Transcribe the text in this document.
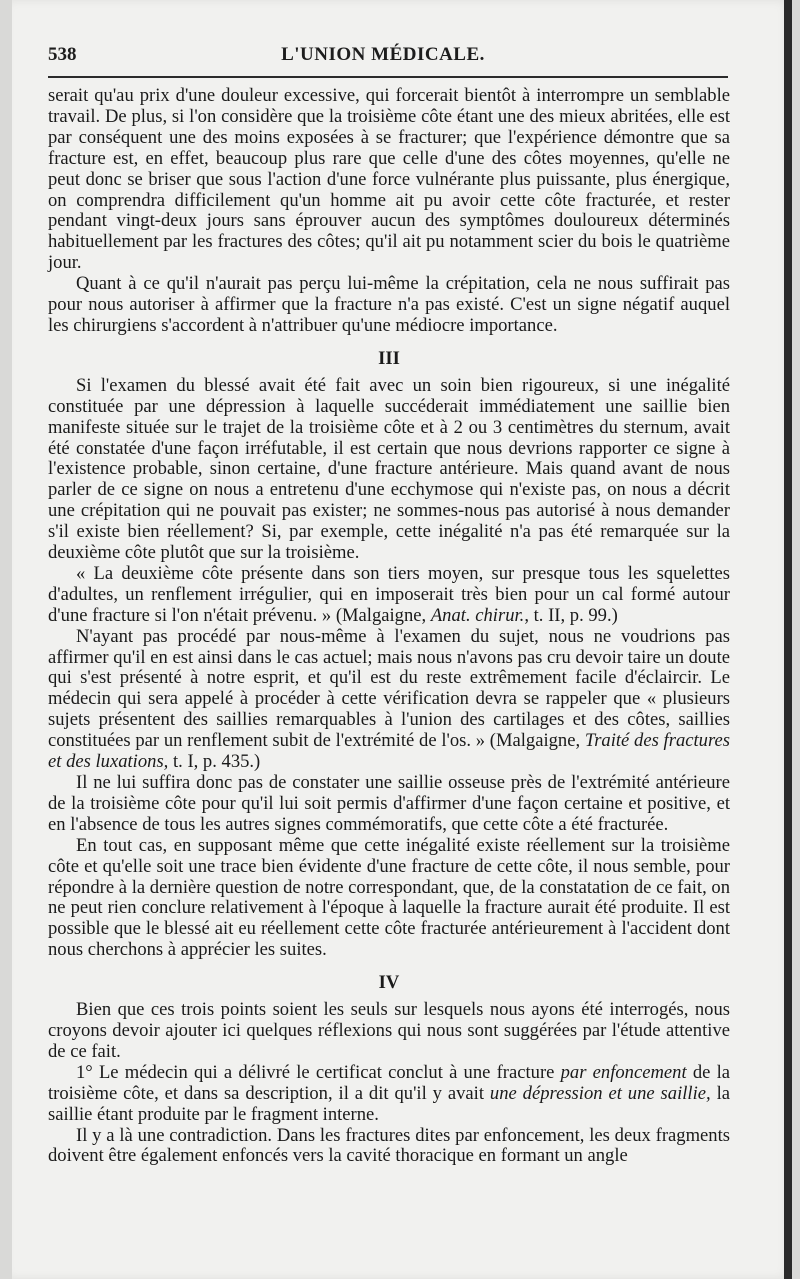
538	L'UNION MÉDICALE.

serait qu'au prix d'une douleur excessive, qui forcerait bientôt à interrompre un semblable travail. De plus, si l'on considère que la troisième côte étant une des mieux abritées, elle est par conséquent une des moins exposées à se fracturer; que l'expérience démontre que sa fracture est, en effet, beaucoup plus rare que celle d'une des côtes moyennes, qu'elle ne peut donc se briser que sous l'action d'une force vulnérante plus puissante, plus énergique, on comprendra difficilement qu'un homme ait pu avoir cette côte fracturée, et rester pendant vingt-deux jours sans éprouver aucun des symptômes douloureux déterminés habituellement par les fractures des côtes; qu'il ait pu notamment scier du bois le quatrième jour.

Quant à ce qu'il n'aurait pas perçu lui-même la crépitation, cela ne nous suffirait pas pour nous autoriser à affirmer que la fracture n'a pas existé. C'est un signe négatif auquel les chirurgiens s'accordent à n'attribuer qu'une médiocre importance.

III

Si l'examen du blessé avait été fait avec un soin bien rigoureux, si une inégalité constituée par une dépression à laquelle succéderait immédiatement une saillie bien manifeste située sur le trajet de la troisième côte et à 2 ou 3 centimètres du sternum, avait été constatée d'une façon irréfutable, il est certain que nous devrions rapporter ce signe à l'existence probable, sinon certaine, d'une fracture antérieure. Mais quand avant de nous parler de ce signe on nous a entretenu d'une ecchymose qui n'existe pas, on nous a décrit une crépitation qui ne pouvait pas exister; ne sommes-nous pas autorisé à nous demander s'il existe bien réellement? Si, par exemple, cette inégalité n'a pas été remarquée sur la deuxième côte plutôt que sur la troisième.

« La deuxième côte présente dans son tiers moyen, sur presque tous les squelettes d'adultes, un renflement irrégulier, qui en imposerait très bien pour un cal formé autour d'une fracture si l'on n'était prévenu. » (Malgaigne, Anat. chirur., t. II, p. 99.)

N'ayant pas procédé par nous-même à l'examen du sujet, nous ne voudrions pas affirmer qu'il en est ainsi dans le cas actuel; mais nous n'avons pas cru devoir taire un doute qui s'est présenté à notre esprit, et qu'il est du reste extrêmement facile d'éclaircir. Le médecin qui sera appelé à procéder à cette vérification devra se rappeler que « plusieurs sujets présentent des saillies remarquables à l'union des cartilages et des côtes, saillies constituées par un renflement subit de l'extrémité de l'os. » (Malgaigne, Traité des fractures et des luxations, t. I, p. 435.)

Il ne lui suffira donc pas de constater une saillie osseuse près de l'extrémité antérieure de la troisième côte pour qu'il lui soit permis d'affirmer d'une façon certaine et positive, et en l'absence de tous les autres signes commémoratifs, que cette côte a été fracturée.

En tout cas, en supposant même que cette inégalité existe réellement sur la troisième côte et qu'elle soit une trace bien évidente d'une fracture de cette côte, il nous semble, pour répondre à la dernière question de notre correspondant, que, de la constatation de ce fait, on ne peut rien conclure relativement à l'époque à laquelle la fracture aurait été produite. Il est possible que le blessé ait eu réellement cette côte fracturée antérieurement à l'accident dont nous cherchons à apprécier les suites.

IV

Bien que ces trois points soient les seuls sur lesquels nous ayons été interrogés, nous croyons devoir ajouter ici quelques réflexions qui nous sont suggérées par l'étude attentive de ce fait.

1° Le médecin qui a délivré le certificat conclut à une fracture par enfoncement de la troisième côte, et dans sa description, il a dit qu'il y avait une dépression et une saillie, la saillie étant produite par le fragment interne.

Il y a là une contradiction. Dans les fractures dites par enfoncement, les deux fragments doivent être également enfoncés vers la cavité thoracique en formant un angle
